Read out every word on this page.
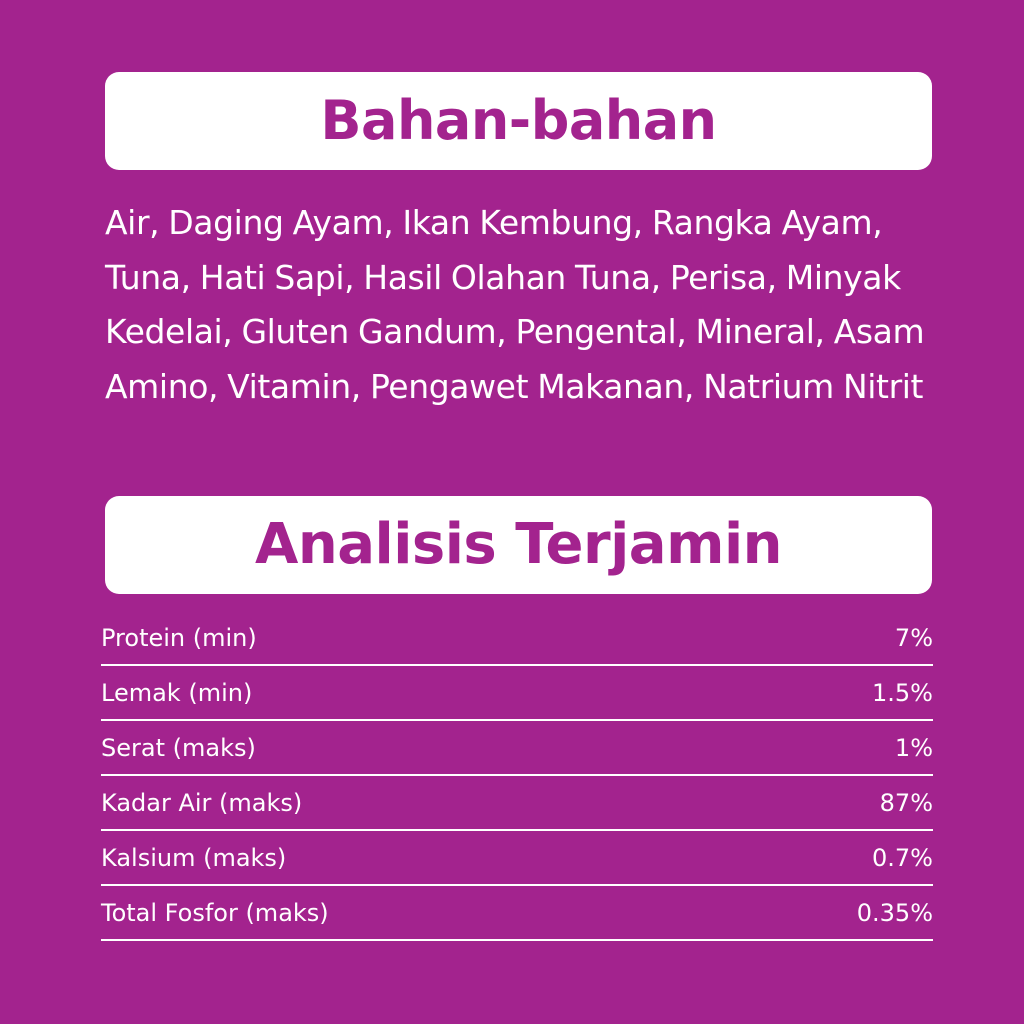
Bahan-bahan

Air, Daging Ayam, Ikan Kembung, Rangka Ayam, Tuna, Hati Sapi, Hasil Olahan Tuna, Perisa, Minyak Kedelai, Gluten Gandum, Pengental, Mineral, Asam Amino, Vitamin, Pengawet Makanan, Natrium Nitrit

Analisis Terjamin
Protein (min)	7%
Lemak (min)	1.5%
Serat (maks)	1%
Kadar Air (maks)	87%
Kalsium (maks)	0.7%
Total Fosfor (maks)	0.35%
